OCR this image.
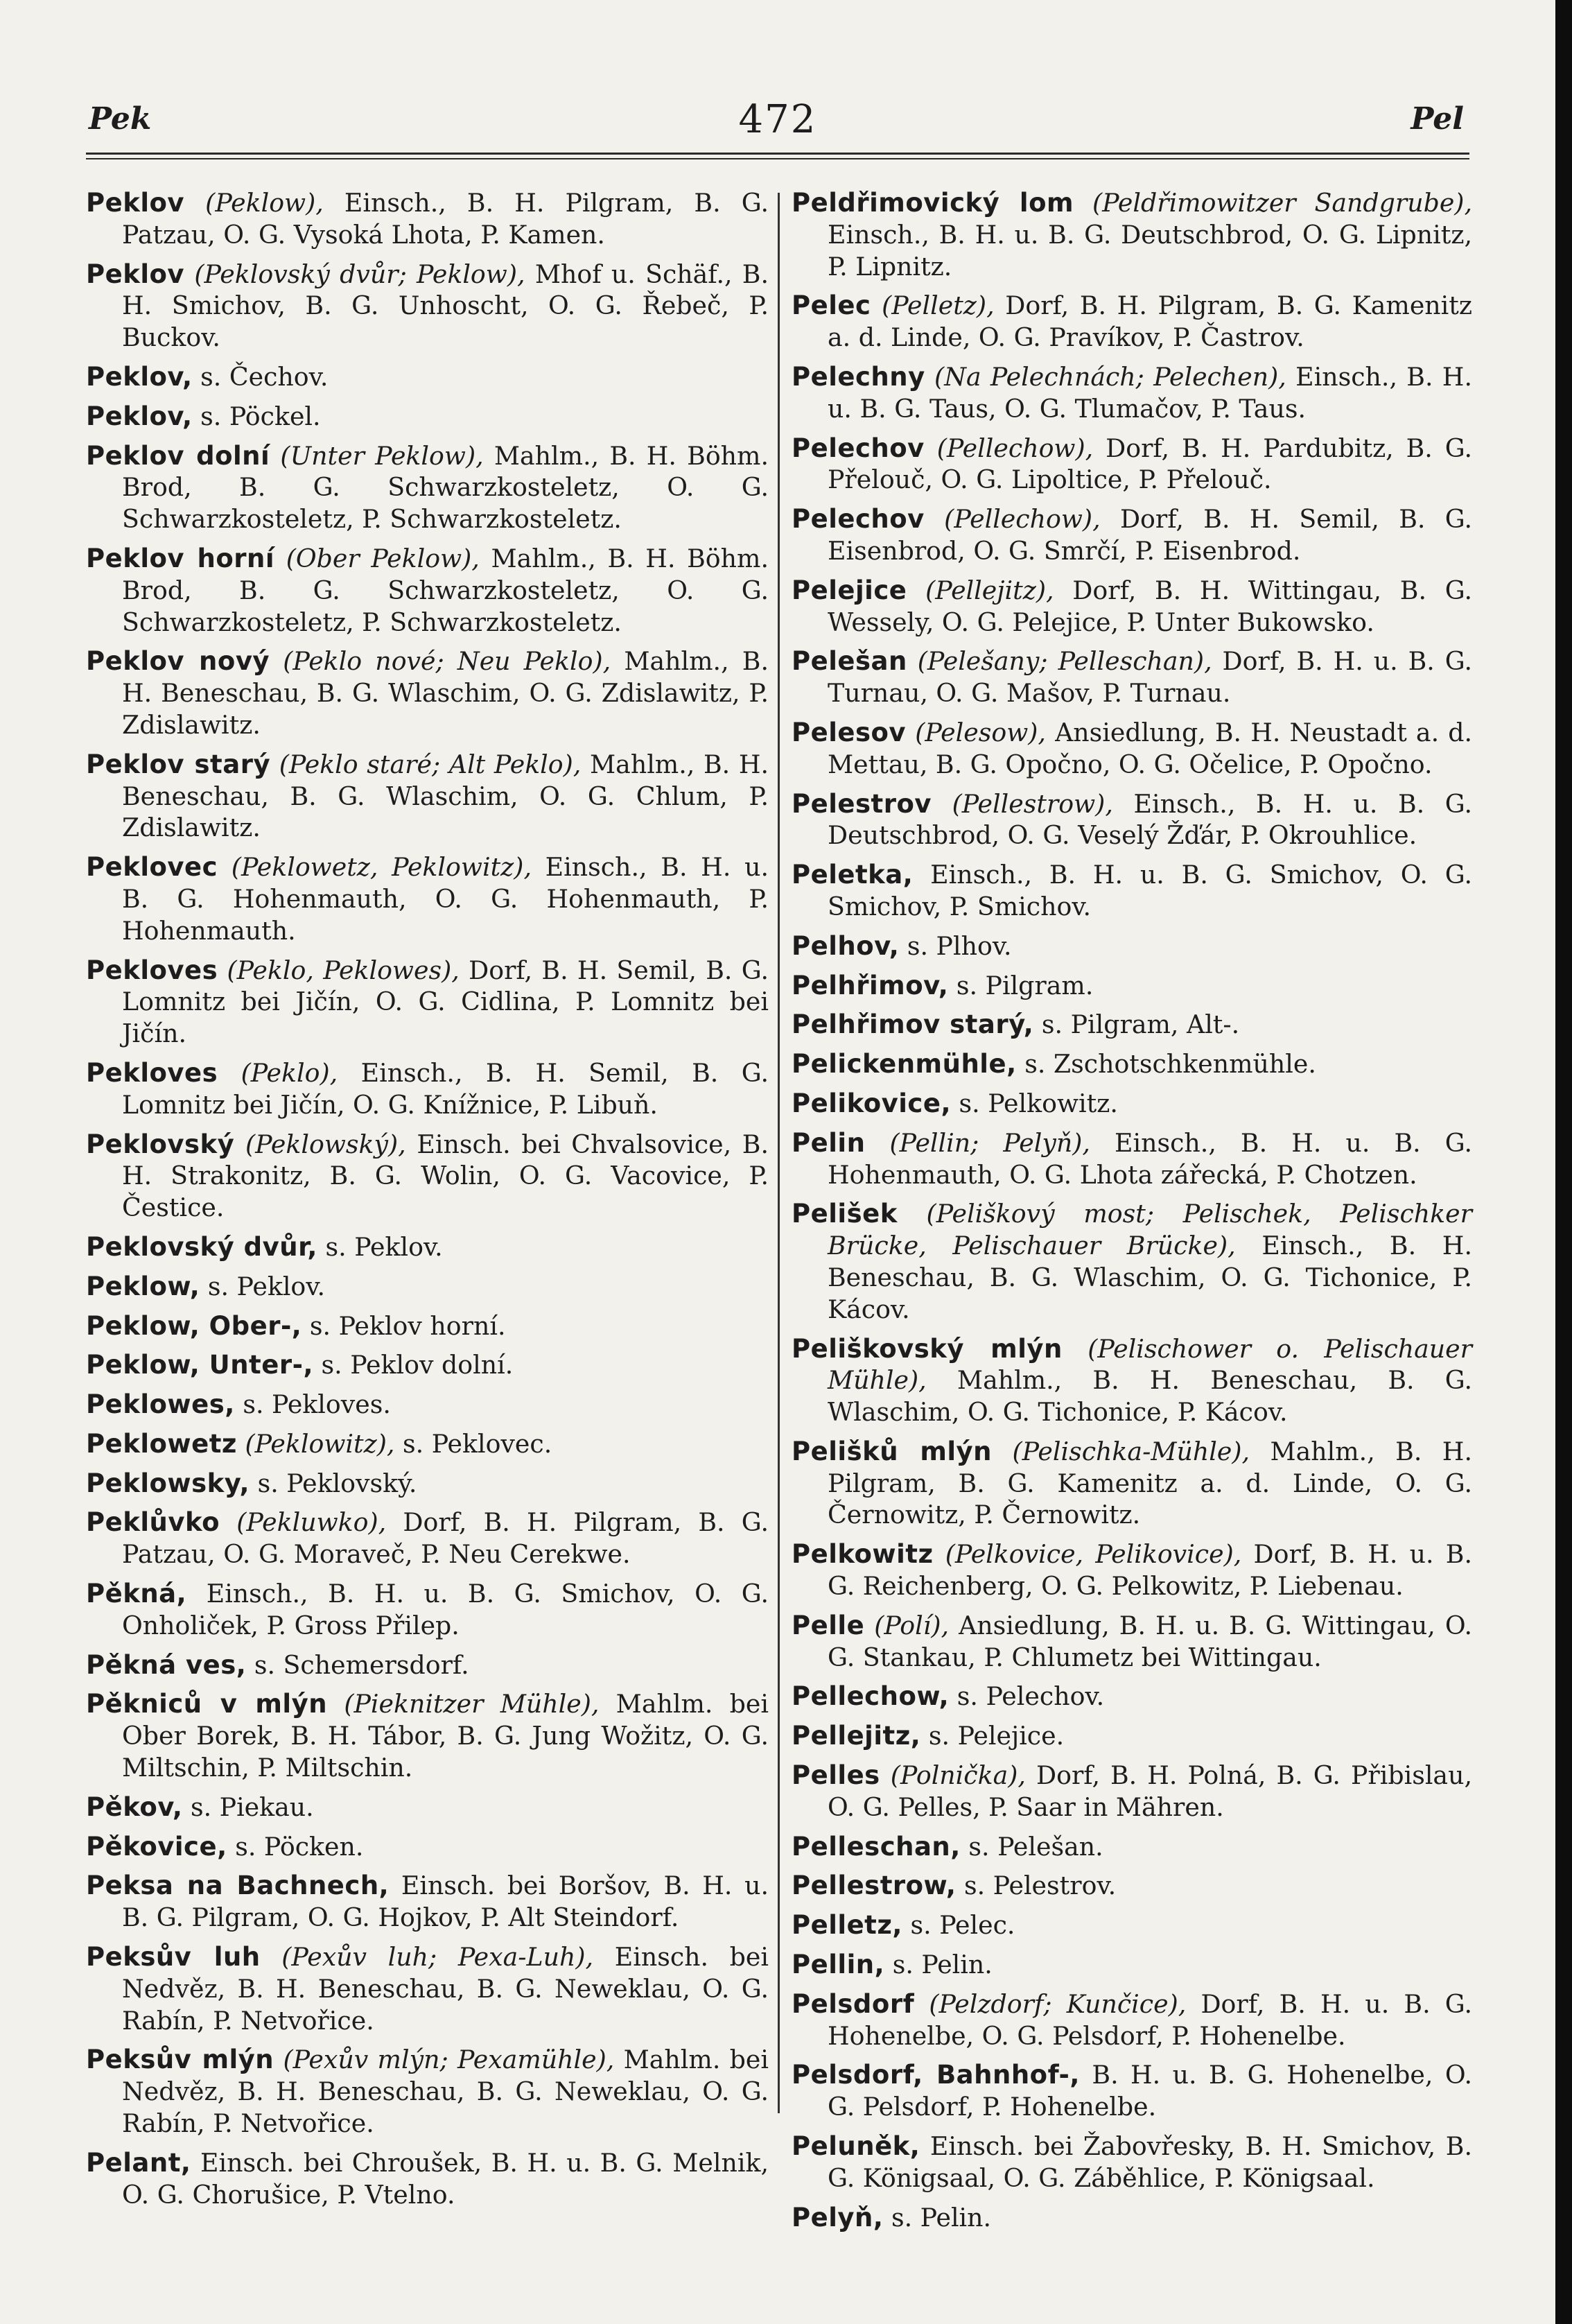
Pek	472	Pel

Peklov (Peklow), Einsch., B. H. Pilgram, B. G. Patzau, O. G. Vysoká Lhota, P. Kamen.

Peklov (Peklovský dvůr; Peklow), Mhof u. Schäf., B. H. Smichov, B. G. Unhoscht, O. G. Řebeč, P. Buckov.

Peklov, s. Čechov.

Peklov, s. Pöckel.

Peklov dolní (Unter Peklow), Mahlm., B. H. Böhm. Brod, B. G. Schwarzkosteletz, O. G. Schwarzkosteletz, P. Schwarzkosteletz.

Peklov horní (Ober Peklow), Mahlm., B. H. Böhm. Brod, B. G. Schwarzkosteletz, O. G. Schwarzkosteletz, P. Schwarzkosteletz.

Peklov nový (Peklo nové; Neu Peklo), Mahlm., B. H. Beneschau, B. G. Wlaschim, O. G. Zdislawitz, P. Zdislawitz.

Peklov starý (Peklo staré; Alt Peklo), Mahlm., B. H. Beneschau, B. G. Wlaschim, O. G. Chlum, P. Zdislawitz.

Peklovec (Peklowetz, Peklowitz), Einsch., B. H. u. B. G. Hohenmauth, O. G. Hohenmauth, P. Hohenmauth.

Pekloves (Peklo, Peklowes), Dorf, B. H. Semil, B. G. Lomnitz bei Jičín, O. G. Cidlina, P. Lomnitz bei Jičín.

Pekloves (Peklo), Einsch., B. H. Semil, B. G. Lomnitz bei Jičín, O. G. Knížnice, P. Libuň.

Peklovský (Peklowský), Einsch. bei Chvalsovice, B. H. Strakonitz, B. G. Wolin, O. G. Vacovice, P. Čestice.

Peklovský dvůr, s. Peklov.

Peklow, s. Peklov.

Peklow, Ober-, s. Peklov horní.

Peklow, Unter-, s. Peklov dolní.

Peklowes, s. Pekloves.

Peklowetz (Peklowitz), s. Peklovec.

Peklowsky, s. Peklovský.

Peklůvko (Pekluwko), Dorf, B. H. Pilgram, B. G. Patzau, O. G. Moraveč, P. Neu Cerekwe.

Pěkná, Einsch., B. H. u. B. G. Smichov, O. G. Onholiček, P. Gross Přilep.

Pěkná ves, s. Schemersdorf.

Pěkniců v mlýn (Pieknitzer Mühle), Mahlm. bei Ober Borek, B. H. Tábor, B. G. Jung Wožitz, O. G. Miltschin, P. Miltschin.

Pěkov, s. Piekau.

Pěkovice, s. Pöcken.

Peksa na Bachnech, Einsch. bei Boršov, B. H. u. B. G. Pilgram, O. G. Hojkov, P. Alt Steindorf.

Peksův luh (Pexův luh; Pexa-Luh), Einsch. bei Nedvěz, B. H. Beneschau, B. G. Neweklau, O. G. Rabín, P. Netvořice.

Peksův mlýn (Pexův mlýn; Pexamühle), Mahlm. bei Nedvěz, B. H. Beneschau, B. G. Neweklau, O. G. Rabín, P. Netvořice.

Pelant, Einsch. bei Chroušek, B. H. u. B. G. Melnik, O. G. Chorušice, P. Vtelno.

Peldřimovický lom (Peldřimowitzer Sandgrube), Einsch., B. H. u. B. G. Deutschbrod, O. G. Lipnitz, P. Lipnitz.

Pelec (Pelletz), Dorf, B. H. Pilgram, B. G. Kamenitz a. d. Linde, O. G. Pravíkov, P. Častrov.

Pelechny (Na Pelechnách; Pelechen), Einsch., B. H. u. B. G. Taus, O. G. Tlumačov, P. Taus.

Pelechov (Pellechow), Dorf, B. H. Pardubitz, B. G. Přelouč, O. G. Lipoltice, P. Přelouč.

Pelechov (Pellechow), Dorf, B. H. Semil, B. G. Eisenbrod, O. G. Smrčí, P. Eisenbrod.

Pelejice (Pellejitz), Dorf, B. H. Wittingau, B. G. Wessely, O. G. Pelejice, P. Unter Bukowsko.

Pelešan (Pelešany; Pelleschan), Dorf, B. H. u. B. G. Turnau, O. G. Mašov, P. Turnau.

Pelesov (Pelesow), Ansiedlung, B. H. Neustadt a. d. Mettau, B. G. Opočno, O. G. Očelice, P. Opočno.

Pelestrov (Pellestrow), Einsch., B. H. u. B. G. Deutschbrod, O. G. Veselý Žďár, P. Okrouhlice.

Peletka, Einsch., B. H. u. B. G. Smichov, O. G. Smichov, P. Smichov.

Pelhov, s. Plhov.

Pelhřimov, s. Pilgram.

Pelhřimov starý, s. Pilgram, Alt-.

Pelickenmühle, s. Zschotschkenmühle.

Pelikovice, s. Pelkowitz.

Pelin (Pellin; Pelyň), Einsch., B. H. u. B. G. Hohenmauth, O. G. Lhota zářecká, P. Chotzen.

Pelišek (Peliškový most; Pelischek, Pelischker Brücke, Pelischauer Brücke), Einsch., B. H. Beneschau, B. G. Wlaschim, O. G. Tichonice, P. Kácov.

Peliškovský mlýn (Pelischower o. Pelischauer Mühle), Mahlm., B. H. Beneschau, B. G. Wlaschim, O. G. Tichonice, P. Kácov.

Pelišků mlýn (Pelischka-Mühle), Mahlm., B. H. Pilgram, B. G. Kamenitz a. d. Linde, O. G. Černowitz, P. Černowitz.

Pelkowitz (Pelkovice, Pelikovice), Dorf, B. H. u. B. G. Reichenberg, O. G. Pelkowitz, P. Liebenau.

Pelle (Polí), Ansiedlung, B. H. u. B. G. Wittingau, O. G. Stankau, P. Chlumetz bei Wittingau.

Pellechow, s. Pelechov.

Pellejitz, s. Pelejice.

Pelles (Polnička), Dorf, B. H. Polná, B. G. Přibislau, O. G. Pelles, P. Saar in Mähren.

Pelleschan, s. Pelešan.

Pellestrow, s. Pelestrov.

Pelletz, s. Pelec.

Pellin, s. Pelin.

Pelsdorf (Pelzdorf; Kunčice), Dorf, B. H. u. B. G. Hohenelbe, O. G. Pelsdorf, P. Hohenelbe.

Pelsdorf, Bahnhof-, B. H. u. B. G. Hohenelbe, O. G. Pelsdorf, P. Hohenelbe.

Peluněk, Einsch. bei Žabovřesky, B. H. Smichov, B. G. Königsaal, O. G. Záběhlice, P. Königsaal.

Pelyň, s. Pelin.
